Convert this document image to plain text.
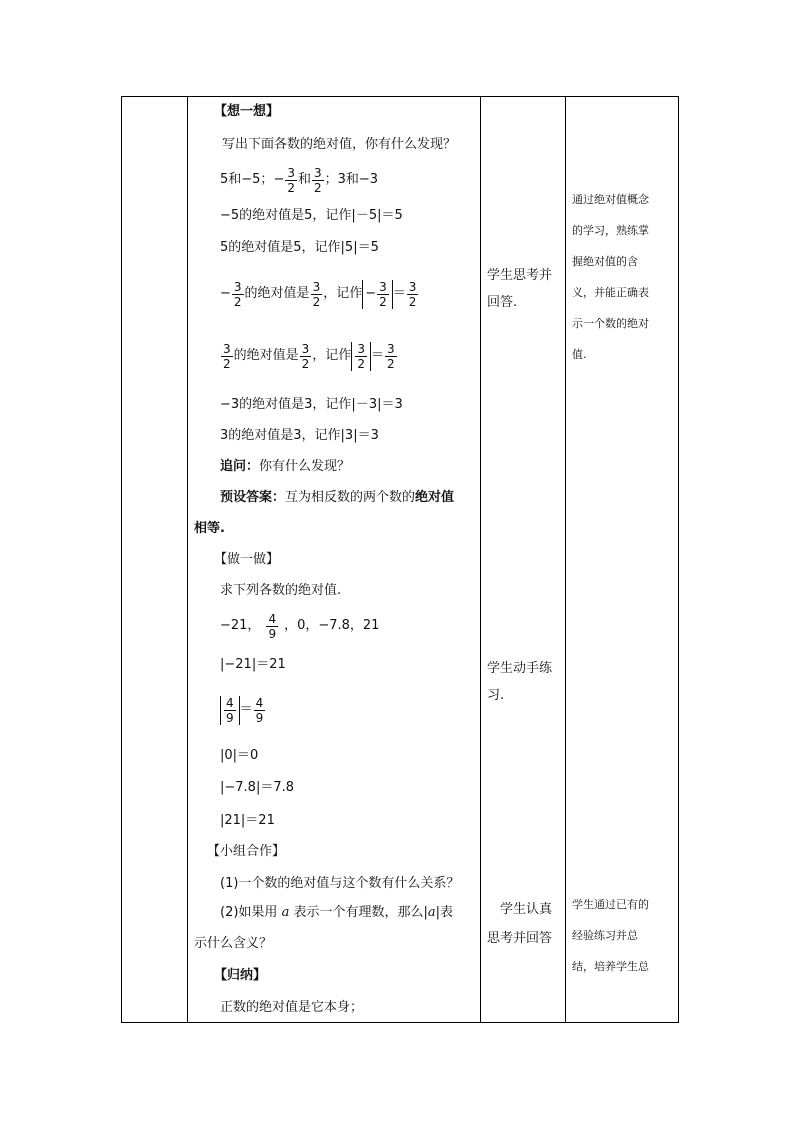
【想一想】
写出下面各数的绝对值，你有什么发现？
5和−5； − $\frac{3}{2}$ 和 $\frac{3}{2}$ ；3和−3
−5的绝对值是5，记作|－5|＝5
5的绝对值是5，记作|5|＝5
− $\frac{3}{2}$ 的绝对值是 $\frac{3}{2}$ ，记作 − $\frac{3}{2} = \frac{3}{2}$
$\frac{3}{2}$ 的绝对值是 $\frac{3}{2}$ ，记作 $\frac{3}{2} = \frac{3}{2}$
−3的绝对值是3，记作|－3|＝3
3的绝对值是3，记作|3|＝3
追问：你有什么发现？
预设答案：互为相反数的两个数的绝对值
相等.
【做一做】
求下列各数的绝对值.
−21， $\frac{4}{9}$ ，0，−7.8，21
|−21|＝21
$\frac{4}{9} = \frac{4}{9}$
|0|＝0
|−7.8|＝7.8
|21|＝21
【小组合作】
(1)一个数的绝对值与这个数有什么关系？
(2)如果用 a 表示一个有理数，那么|a|表
示什么含义？
【归纳】
正数的绝对值是它本身；
学生思考并
回答.
学生动手练
习.
学生认真
思考并回答
通过绝对值概念
的学习，熟练掌
握绝对值的含
义，并能正确表
示一个数的绝对
值.
学生通过已有的
经验练习并总
结，培养学生总
